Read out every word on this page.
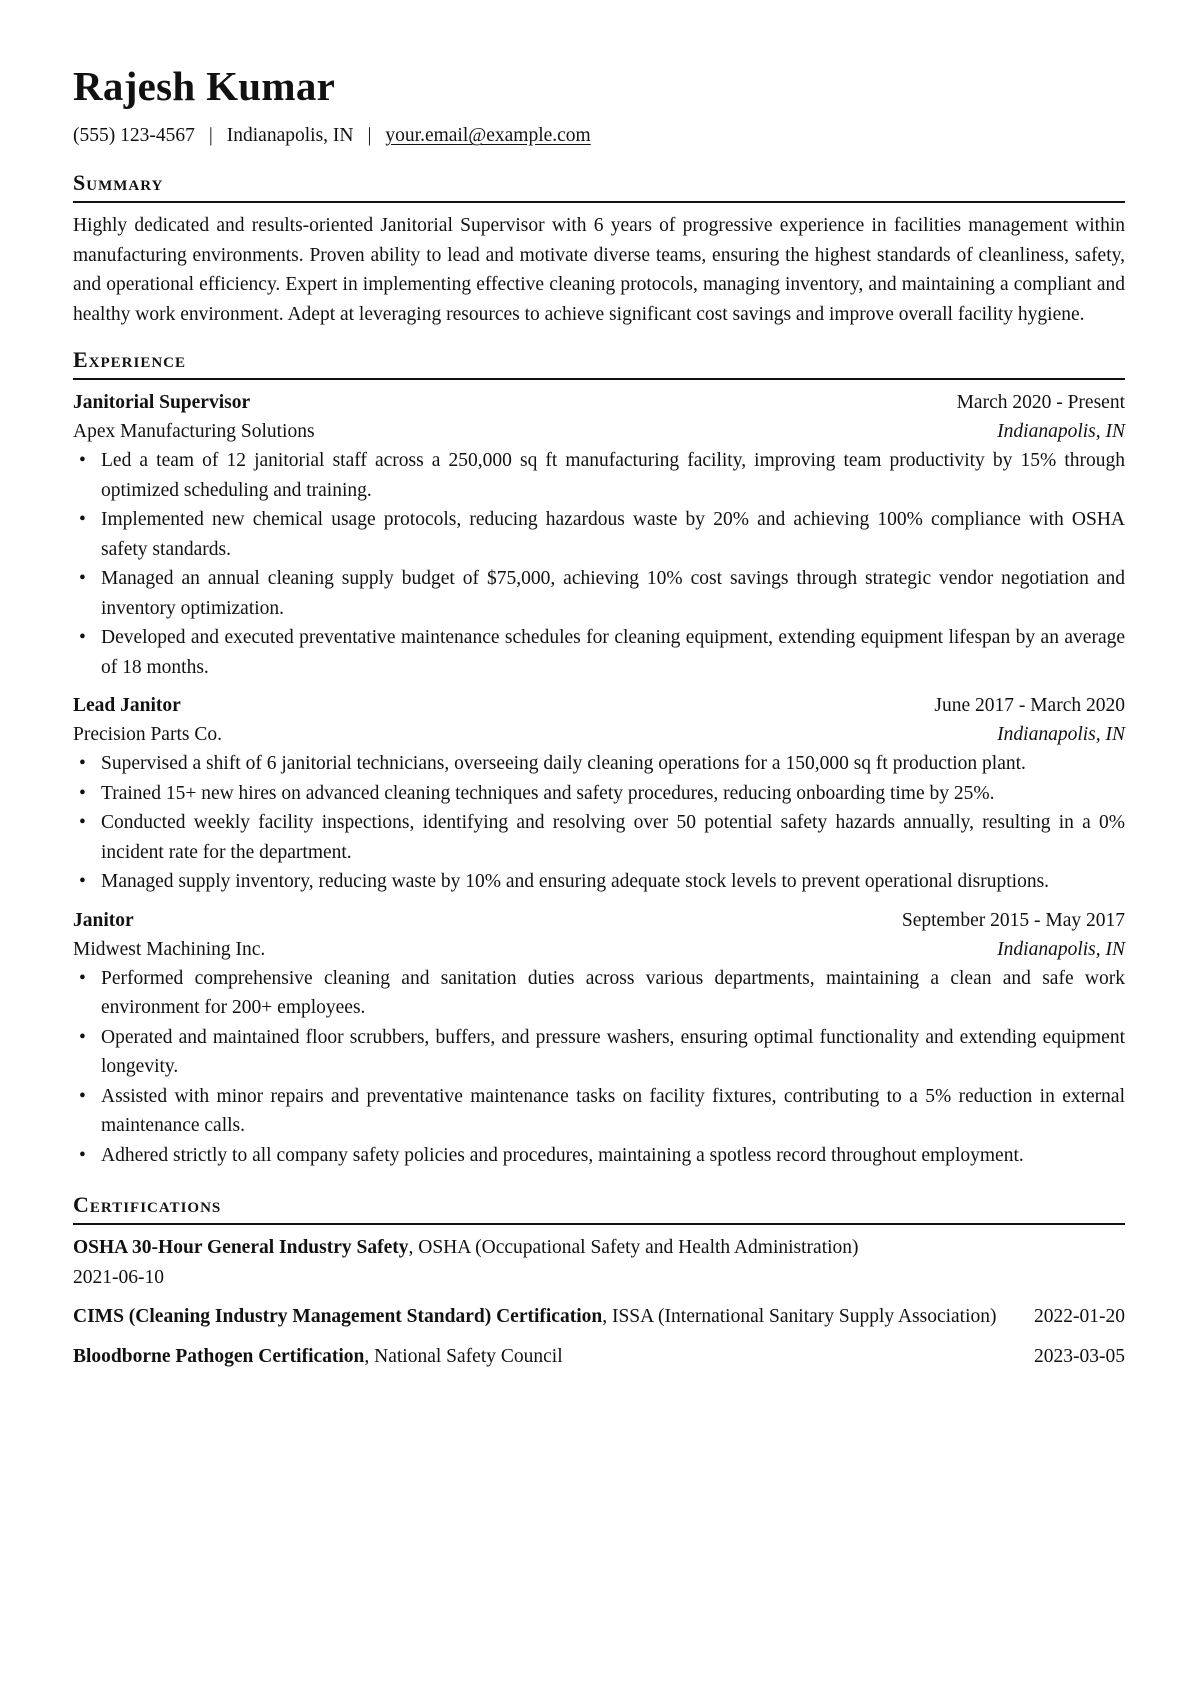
Rajesh Kumar
(555) 123-4567 | Indianapolis, IN | your.email@example.com
Summary

Highly dedicated and results-oriented Janitorial Supervisor with 6 years of progressive experience in facilities management within manufacturing environments. Proven ability to lead and motivate diverse teams, ensuring the highest standards of cleanliness, safety, and operational efficiency. Expert in implementing effective cleaning protocols, managing inventory, and maintaining a compliant and healthy work environment. Adept at leveraging resources to achieve significant cost savings and improve overall facility hygiene.

Experience
Janitorial Supervisor	March 2020 - Present
Apex Manufacturing Solutions	Indianapolis, IN
• Led a team of 12 janitorial staff across a 250,000 sq ft manufacturing facility, improving team productivity by 15% through optimized scheduling and training.
• Implemented new chemical usage protocols, reducing hazardous waste by 20% and achieving 100% compliance with OSHA safety standards.
• Managed an annual cleaning supply budget of $75,000, achieving 10% cost savings through strategic vendor negotiation and inventory optimization.
• Developed and executed preventative maintenance schedules for cleaning equipment, extending equipment lifespan by an average of 18 months.
Lead Janitor	June 2017 - March 2020
Precision Parts Co.	Indianapolis, IN
• Supervised a shift of 6 janitorial technicians, overseeing daily cleaning operations for a 150,000 sq ft production plant.
• Trained 15+ new hires on advanced cleaning techniques and safety procedures, reducing onboarding time by 25%.
• Conducted weekly facility inspections, identifying and resolving over 50 potential safety hazards annually, resulting in a 0% incident rate for the department.
• Managed supply inventory, reducing waste by 10% and ensuring adequate stock levels to prevent operational disruptions.
Janitor	September 2015 - May 2017
Midwest Machining Inc.	Indianapolis, IN
• Performed comprehensive cleaning and sanitation duties across various departments, maintaining a clean and safe work environment for 200+ employees.
• Operated and maintained floor scrubbers, buffers, and pressure washers, ensuring optimal functionality and extending equipment longevity.
• Assisted with minor repairs and preventative maintenance tasks on facility fixtures, contributing to a 5% reduction in external maintenance calls.
• Adhered strictly to all company safety policies and procedures, maintaining a spotless record throughout employment.
Certifications
OSHA 30-Hour General Industry Safety, OSHA (Occupational Safety and Health Administration)
2021-06-10
CIMS (Cleaning Industry Management Standard) Certification, ISSA (International Sanitary Supply Association) 2022-01-20
Bloodborne Pathogen Certification, National Safety Council	2023-03-05
